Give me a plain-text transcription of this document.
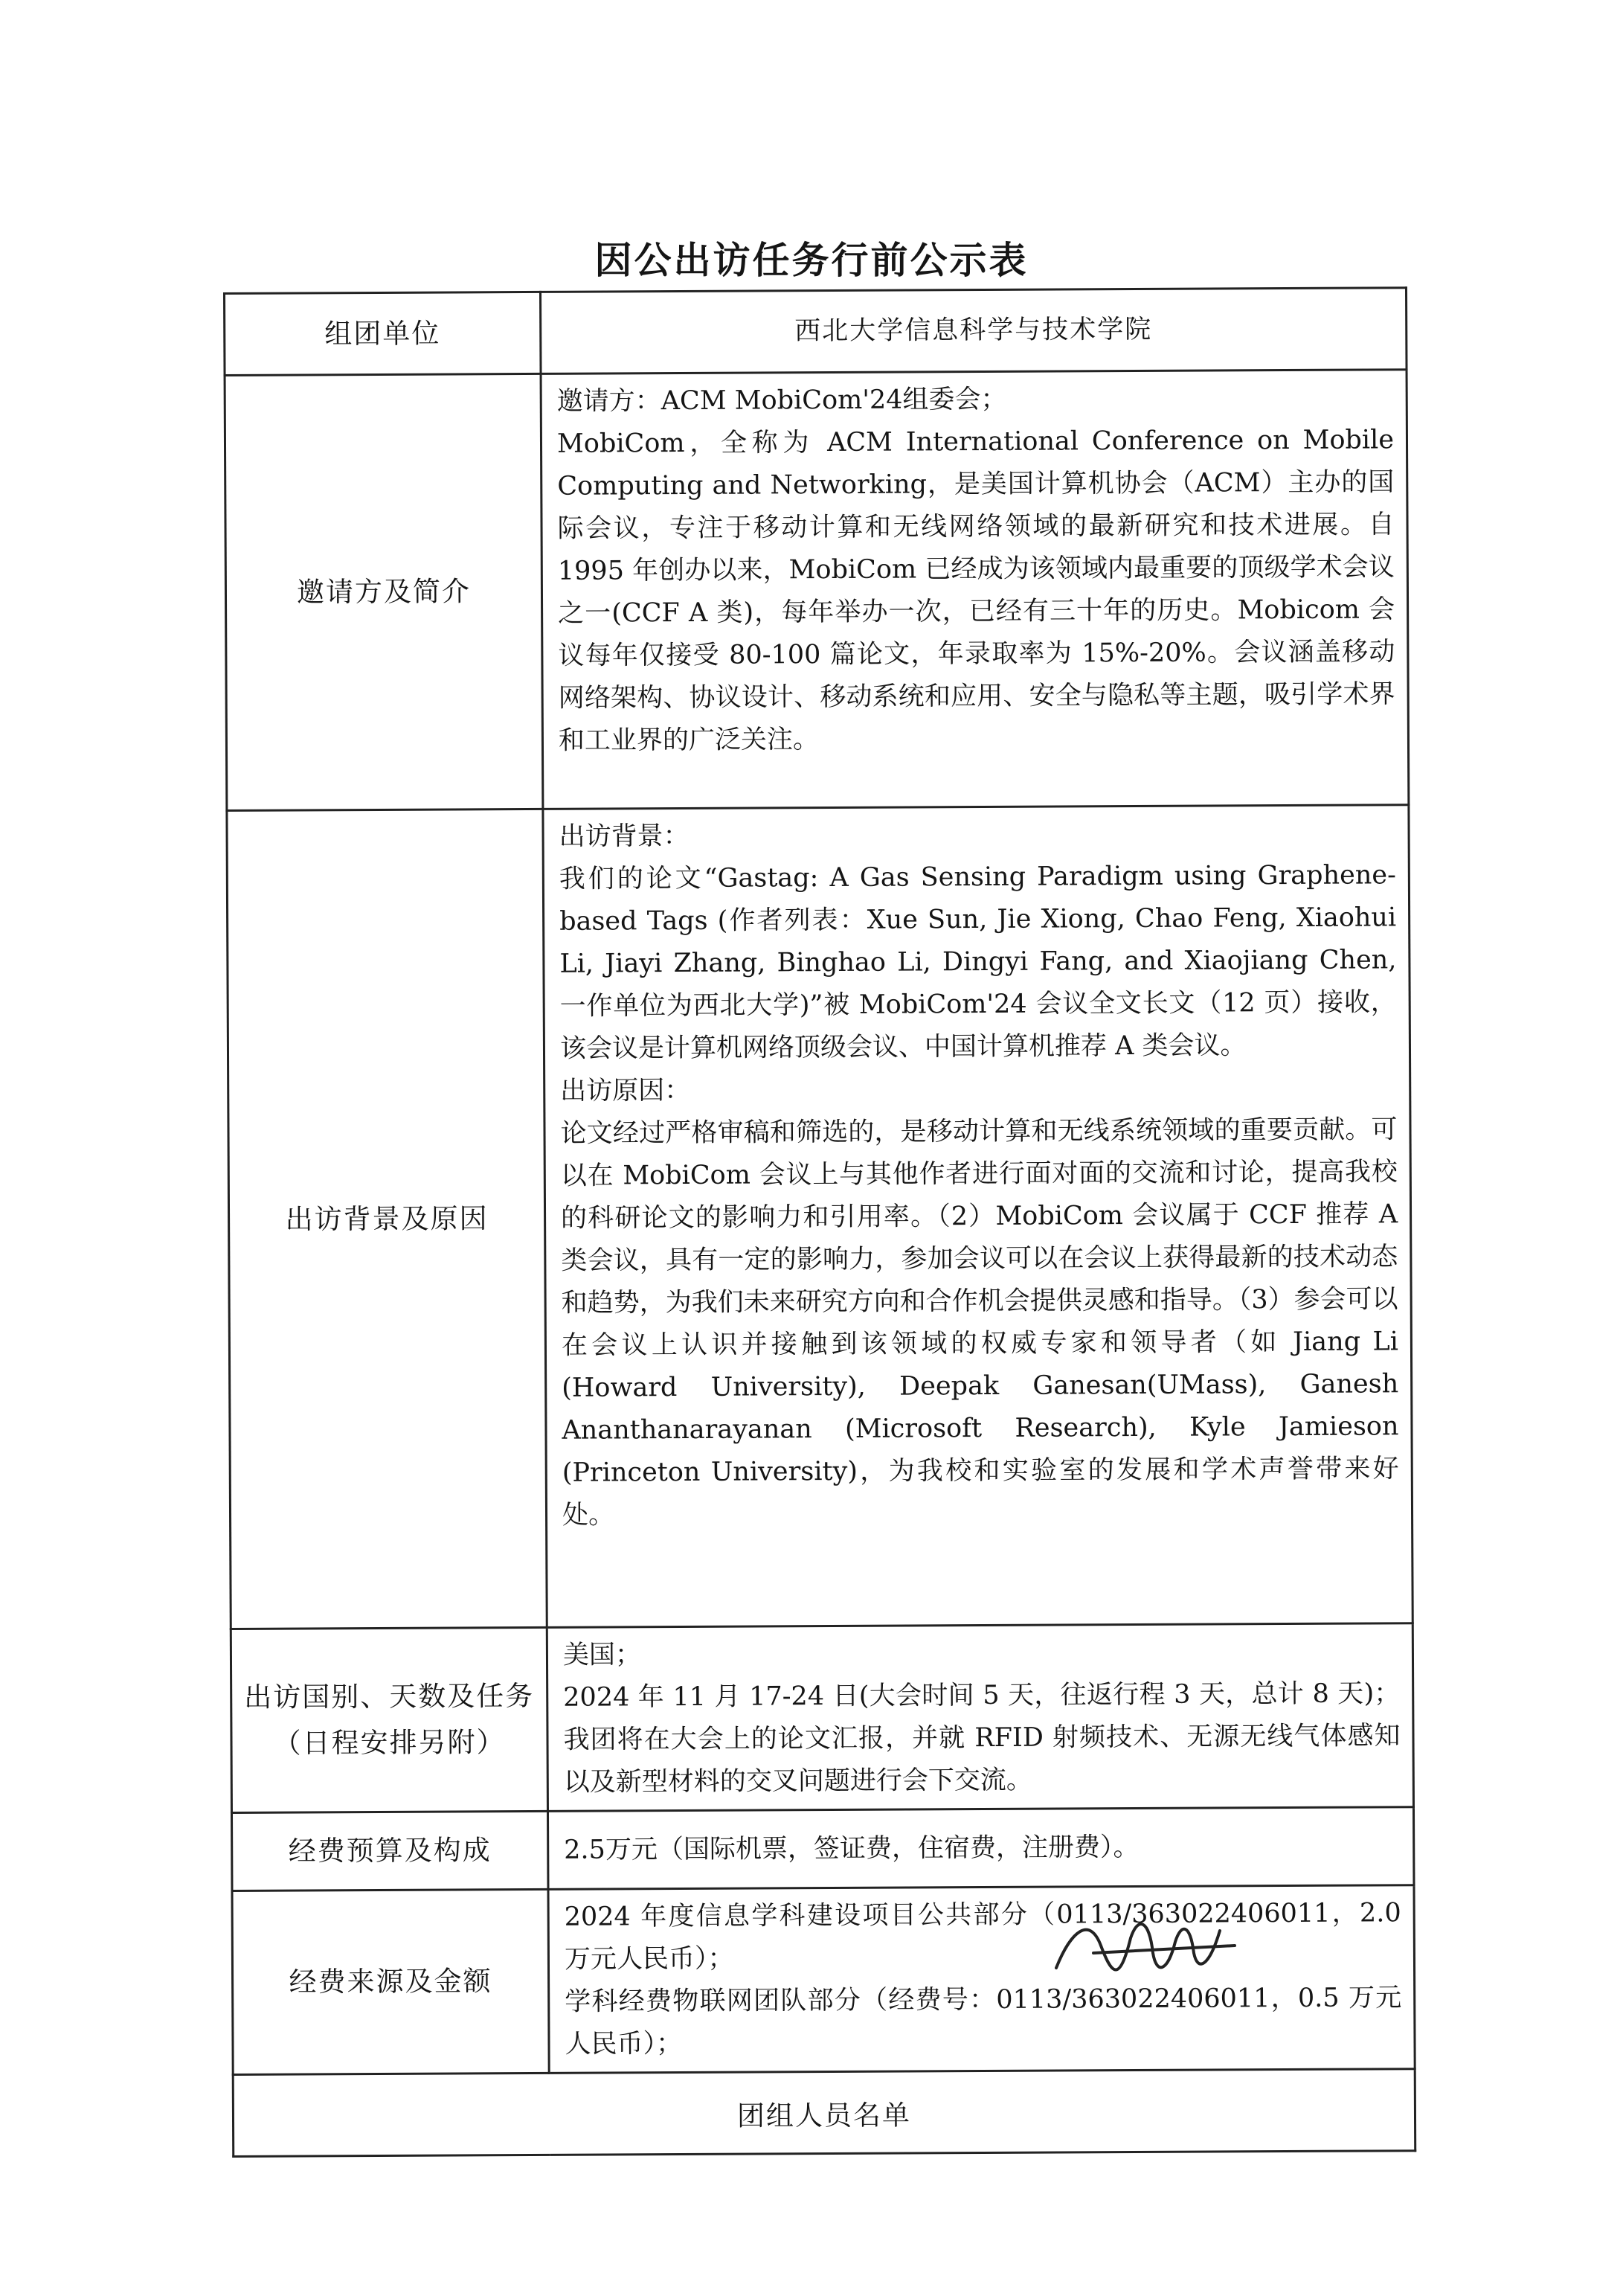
因公出访任务行前公示表
组团单位	西北大学信息科学与技术学院
邀请方及简介	邀请方：ACM MobiCom'24组委会；
MobiCom，全称为 ACM International Conference on Mobile Computing and Networking，是美国计算机协会（ACM）主办的国际会议，专注于移动计算和无线网络领域的最新研究和技术进展。自 1995 年创办以来，MobiCom 已经成为该领域内最重要的顶级学术会议之一(CCF A 类)，每年举办一次，已经有三十年的历史。Mobicom 会议每年仅接受 80-100 篇论文，年录取率为 15%-20%。会议涵盖移动网络架构、协议设计、移动系统和应用、安全与隐私等主题，吸引学术界和工业界的广泛关注。

出访背景及原因	出访背景：
我们的论文“Gastag: A Gas Sensing Paradigm using Graphene-based Tags (作者列表：Xue Sun, Jie Xiong, Chao Feng, Xiaohui Li, Jiayi Zhang, Binghao Li, Dingyi Fang, and Xiaojiang Chen, 一作单位为西北大学)”被 MobiCom'24 会议全文长文（12 页）接收，该会议是计算机网络顶级会议、中国计算机推荐 A 类会议。
出访原因：
论文经过严格审稿和筛选的，是移动计算和无线系统领域的重要贡献。可以在 MobiCom 会议上与其他作者进行面对面的交流和讨论，提高我校的科研论文的影响力和引用率。（2）MobiCom 会议属于 CCF 推荐 A 类会议，具有一定的影响力，参加会议可以在会议上获得最新的技术动态和趋势，为我们未来研究方向和合作机会提供灵感和指导。（3）参会可以在会议上认识并接触到该领域的权威专家和领导者（如 Jiang Li (Howard University), Deepak Ganesan(UMass), Ganesh Ananthanarayanan (Microsoft Research), Kyle Jamieson (Princeton University)，为我校和实验室的发展和学术声誉带来好处。

出访国别、天数及任务
（日程安排另附）	美国；
2024 年 11 月 17-24 日(大会时间 5 天，往返行程 3 天，总计 8 天)；我团将在大会上的论文汇报，并就 RFID 射频技术、无源无线气体感知以及新型材料的交叉问题进行会下交流。

经费预算及构成	2.5万元（国际机票，签证费，住宿费，注册费）。
经费来源及金额	2024 年度信息学科建设项目公共部分（0113/363022406011，2.0 万元人民币）；
学科经费物联网团队部分（经费号：0113/363022406011，0.5 万元人民币）；

团组人员名单	
